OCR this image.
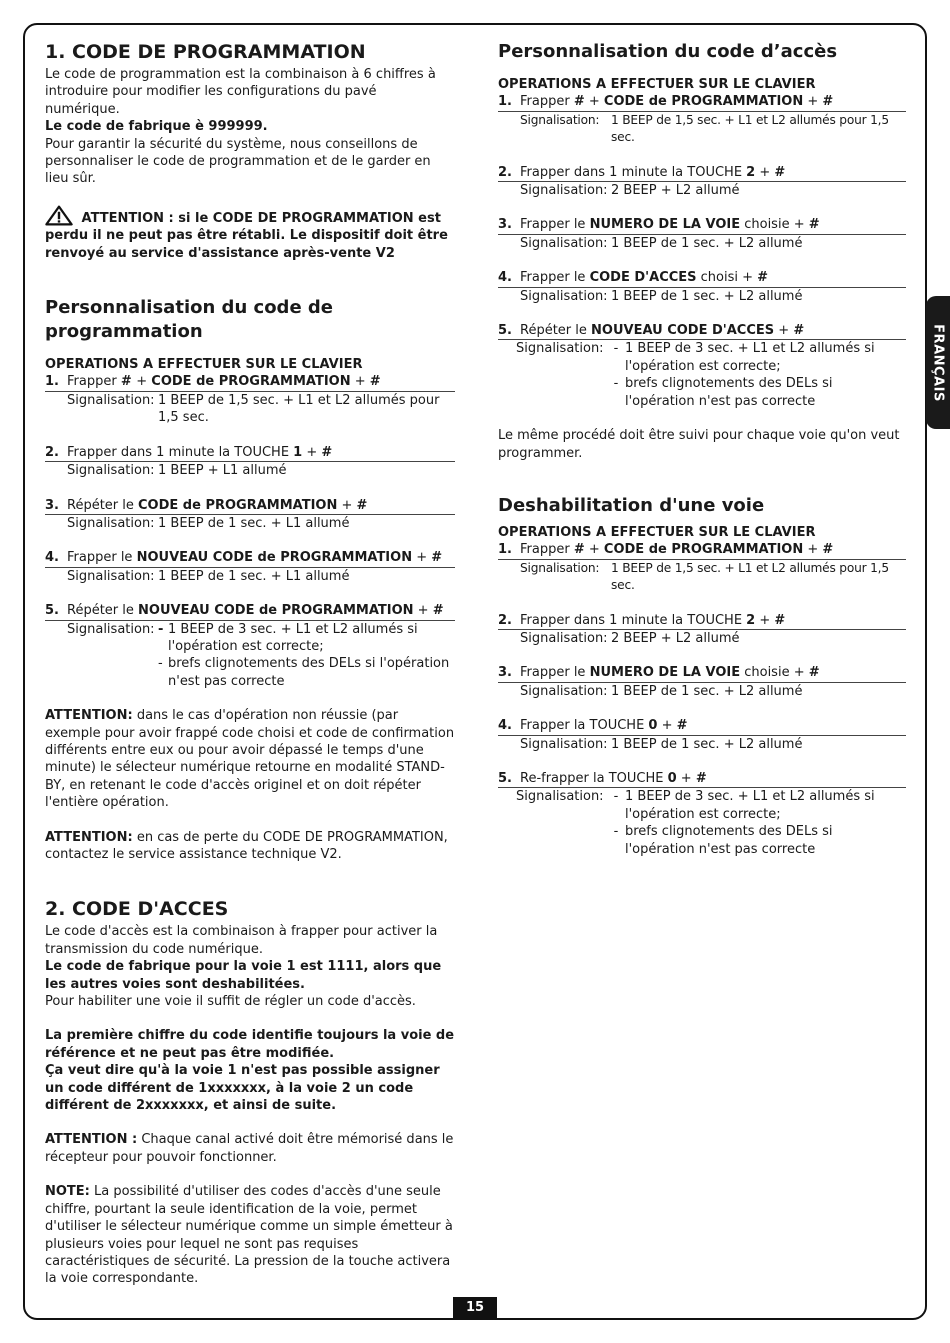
1. CODE DE PROGRAMMATION

Le code de programmation est la combinaison à 6 chiffres à introduire pour modifier les configurations du pavé numérique.

Le code de fabrique è 999999.

Pour garantir la sécurité du système, nous conseillons de personnaliser le code de programmation et de le garder en lieu sûr.

ATTENTION : si le CODE DE PROGRAMMATION est perdu il ne peut pas être rétabli. Le dispositif doit être renvoyé au service d'assistance après-vente V2

Personnalisation du code de programmation

OPERATIONS A EFFECTUER SUR LE CLAVIER

1. Frapper # + CODE de PROGRAMMATION + #
Signalisation: 1 BEEP de 1,5 sec. + L1 et L2 allumés pour 1,5 sec.
2. Frapper dans 1 minute la TOUCHE 1 + #
Signalisation: 1 BEEP + L1 allumé
3. Répéter le CODE de PROGRAMMATION + #
Signalisation: 1 BEEP de 1 sec. + L1 allumé
4. Frapper le NOUVEAU CODE de PROGRAMMATION + #
Signalisation: 1 BEEP de 1 sec. + L1 allumé
5. Répéter le NOUVEAU CODE de PROGRAMMATION + #
Signalisation: - 1 BEEP de 3 sec. + L1 et L2 allumés si l'opération est correcte;
- brefs clignotements des DELs si l'opération n'est pas correcte

ATTENTION: dans le cas d'opération non réussie (par exemple pour avoir frappé code choisi et code de confirmation différents entre eux ou pour avoir dépassé le temps d'une minute) le sélecteur numérique retourne en modalité STAND-BY, en retenant le code d'accès originel et on doit répéter l'entière opération.

ATTENTION: en cas de perte du CODE DE PROGRAMMATION, contactez le service assistance technique V2.

2. CODE D'ACCES

Le code d'accès est la combinaison à frapper pour activer la transmission du code numérique.

Le code de fabrique pour la voie 1 est 1111, alors que les autres voies sont deshabilitées.

Pour habiliter une voie il suffit de régler un code d'accès.

La première chiffre du code identifie toujours la voie de référence et ne peut pas être modifiée.

Ça veut dire qu'à la voie 1 n'est pas possible assigner un code différent de 1xxxxxxx, à la voie 2 un code différent de 2xxxxxxx, et ainsi de suite.

ATTENTION : Chaque canal activé doit être mémorisé dans le récepteur pour pouvoir fonctionner.

NOTE: La possibilité d'utiliser des codes d'accès d'une seule chiffre, pourtant la seule identification de la voie, permet d'utiliser le sélecteur numérique comme un simple émetteur à plusieurs voies pour lequel ne sont pas requises caractéristiques de sécurité. La pression de la touche activera la voie correspondante.

Personnalisation du code d’accès

OPERATIONS A EFFECTUER SUR LE CLAVIER

1. Frapper # + CODE de PROGRAMMATION + #
Signalisation: 1 BEEP de 1,5 sec. + L1 et L2 allumés pour 1,5 sec.
2. Frapper dans 1 minute la TOUCHE 2 + #
Signalisation: 2 BEEP + L2 allumé
3. Frapper le NUMERO DE LA VOIE choisie + #
Signalisation: 1 BEEP de 1 sec. + L2 allumé
4. Frapper le CODE D'ACCES choisi + #
Signalisation: 1 BEEP de 1 sec. + L2 allumé
5. Répéter le NOUVEAU CODE D'ACCES + #
Signalisation: - 1 BEEP de 3 sec. + L1 et L2 allumés si l'opération est correcte;
- brefs clignotements des DELs si l'opération n'est pas correcte

Le même procédé doit être suivi pour chaque voie qu'on veut programmer.

Deshabilitation d'une voie

OPERATIONS A EFFECTUER SUR LE CLAVIER

1. Frapper # + CODE de PROGRAMMATION + #
Signalisation: 1 BEEP de 1,5 sec. + L1 et L2 allumés pour 1,5 sec.
2. Frapper dans 1 minute la TOUCHE 2 + #
Signalisation: 2 BEEP + L2 allumé
3. Frapper le NUMERO DE LA VOIE choisie + #
Signalisation: 1 BEEP de 1 sec. + L2 allumé
4. Frapper la TOUCHE 0 + #
Signalisation: 1 BEEP de 1 sec. + L2 allumé
5. Re-frapper la TOUCHE 0 + #
Signalisation: - 1 BEEP de 3 sec. + L1 et L2 allumés si l'opération est correcte;
- brefs clignotements des DELs si l'opération n'est pas correcte
FRANÇAIS
15
